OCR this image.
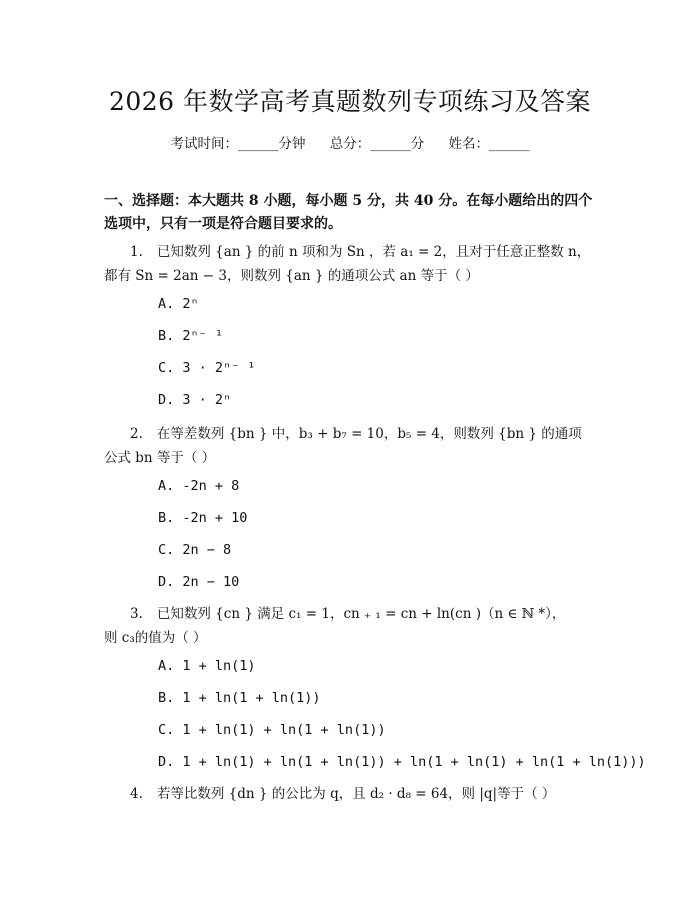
2026 年数学高考真题数列专项练习及答案
考试时间：______分钟 总分：______分 姓名：______
一、选择题：本大题共 8 小题，每小题 5 分，共 40 分。在每小题给出的四个选项中，只有一项是符合题目要求的。
1. 已知数列 {an } 的前 n 项和为 Sn ，若 a₁ = 2，且对于任意正整数 n，
都有 Sn = 2an − 3，则数列 {an } 的通项公式 an 等于（ ）
A. 2ⁿ
B. 2ⁿ⁻ ¹
C. 3 · 2ⁿ⁻ ¹
D. 3 · 2ⁿ
2. 在等差数列 {bn } 中，b₃ + b₇ = 10，b₅ = 4，则数列 {bn } 的通项
公式 bn 等于（ ）
A. -2n + 8
B. -2n + 10
C. 2n − 8
D. 2n − 10
3. 已知数列 {cn } 满足 c₁ = 1，cn ₊ ₁ = cn + ln(cn )（n ∈ ℕ *），
则 c₃的值为（ ）
A. 1 + ln(1)
B. 1 + ln(1 + ln(1))
C. 1 + ln(1) + ln(1 + ln(1))
D. 1 + ln(1) + ln(1 + ln(1)) + ln(1 + ln(1) + ln(1 + ln(1)))
4. 若等比数列 {dn } 的公比为 q，且 d₂ · d₈ = 64，则 |q|等于（ ）
